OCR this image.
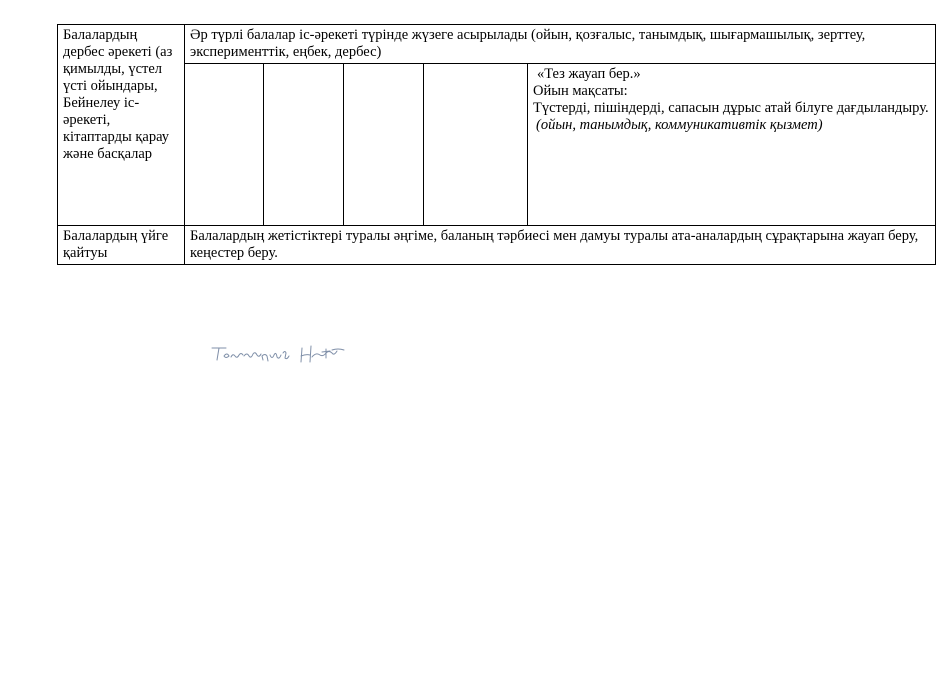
Балалардың дербес әрекеті (аз қимылды, үстел үсті ойындары, Бейнелеу іс-әрекеті, кітаптарды қарау және басқалар	Әр түрлі балалар іс-әрекеті түрінде жүзеге асырылады (ойын, қозғалыс, танымдық, шығармашылық, зерттеу, эксперименттік, еңбек, дербес)				

					«Тез жауап бер.»
Ойын мақсаты:
Түстерді, пішіндерді, сапасын дұрыс атай білуге дағдыландыру.
(ойын, танымдық, коммуникативтік қызмет)

Балалардың үйге қайтуы	Балалардың жетістіктері туралы әңгіме, баланың тәрбиесі мен дамуы туралы ата-аналардың сұрақтарына жауап беру, кеңестер беру.				
